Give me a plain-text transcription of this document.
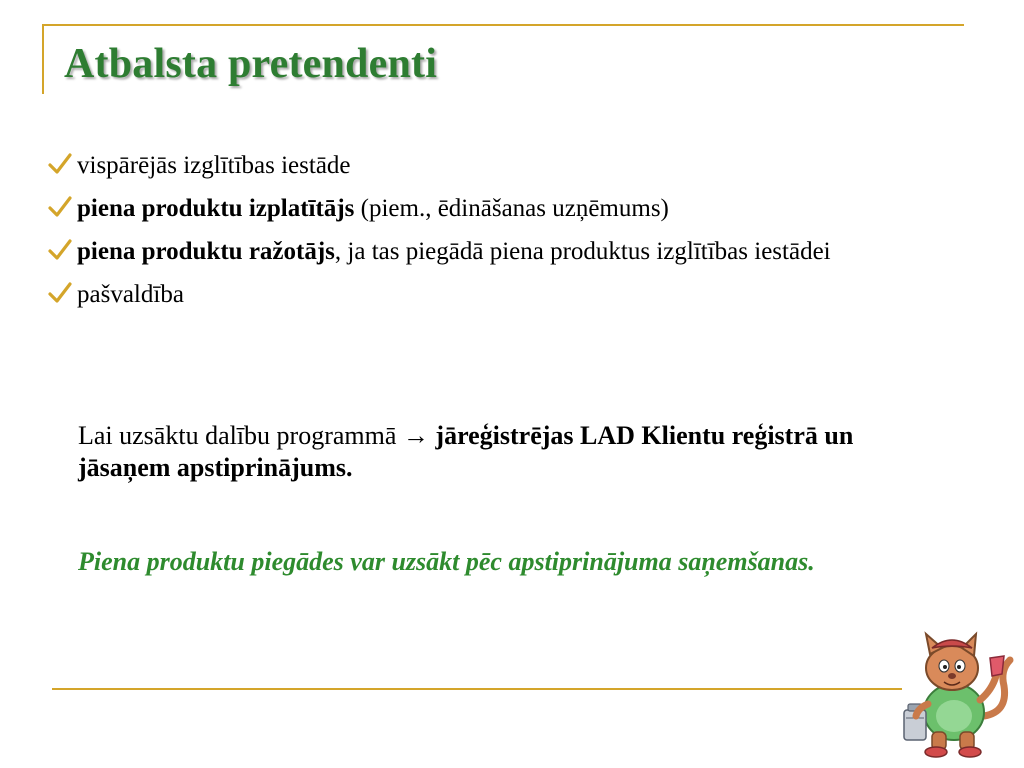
Atbalsta pretendenti
vispārējās izglītības iestāde
piena produktu izplatītājs (piem., ēdināšanas uzņēmums)
piena produktu ražotājs, ja tas piegādā piena produktus izglītības iestādei
pašvaldība

Lai uzsāktu dalību programmā → jāreģistrējas LAD Klientu reģistrā un jāsaņem apstiprinājums.

Piena produktu piegādes var uzsākt pēc apstiprinājuma saņemšanas.
